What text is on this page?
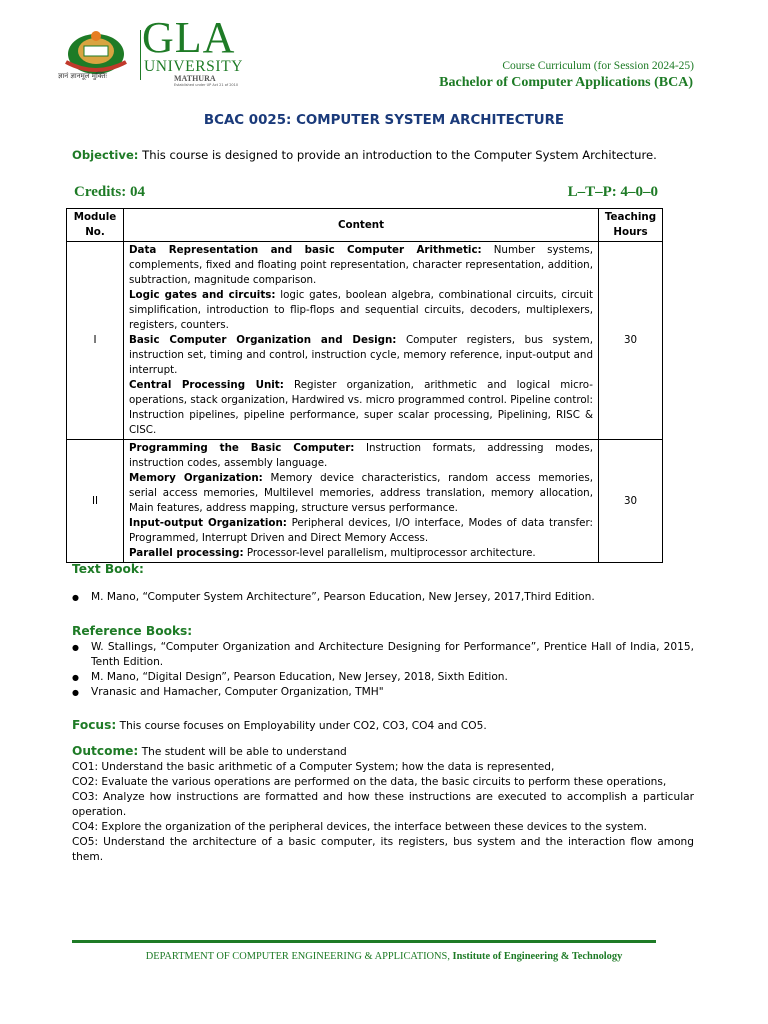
GLA
UNIVERSITY
MATHURA
Established under UP Act 21 of 2010
ज्ञानं ज्ञानमूलं मुक्तिः
Course Curriculum (for Session 2024-25)
Bachelor of Computer Applications (BCA)
BCAC 0025: COMPUTER SYSTEM ARCHITECTURE
Objective: This course is designed to provide an introduction to the Computer System Architecture.
Credits: 04	L–T–P: 4–0–0
Module No.	Content	Teaching Hours
I	Data Representation and basic Computer Arithmetic: Number systems, complements, fixed and floating point representation, character representation, addition, subtraction, magnitude comparison.

Logic gates and circuits: logic gates, boolean algebra, combinational circuits, circuit simplification, introduction to flip-flops and sequential circuits, decoders, multiplexers, registers, counters.

Basic Computer Organization and Design: Computer registers, bus system, instruction set, timing and control, instruction cycle, memory reference, input-output and interrupt.

Central Processing Unit: Register organization, arithmetic and logical micro-operations, stack organization, Hardwired vs. micro programmed control. Pipeline control: Instruction pipelines, pipeline performance, super scalar processing, Pipelining, RISC & CISC.	30
II	Programming the Basic Computer: Instruction formats, addressing modes, instruction codes, assembly language.

Memory Organization: Memory device characteristics, random access memories, serial access memories, Multilevel memories, address translation, memory allocation, Main features, address mapping, structure versus performance.

Input-output Organization: Peripheral devices, I/O interface, Modes of data transfer: Programmed, Interrupt Driven and Direct Memory Access.

Parallel processing: Processor-level parallelism, multiprocessor architecture.	30
Text Book:
● M. Mano, “Computer System Architecture”, Pearson Education, New Jersey, 2017,Third Edition.
Reference Books:
● W. Stallings, “Computer Organization and Architecture Designing for Performance”, Prentice Hall of India, 2015, Tenth Edition.
● M. Mano, “Digital Design”, Pearson Education, New Jersey, 2018, Sixth Edition.
● Vranasic and Hamacher, Computer Organization, TMH"
Focus: This course focuses on Employability under CO2, CO3, CO4 and CO5.
Outcome: The student will be able to understand
CO1: Understand the basic arithmetic of a Computer System; how the data is represented,
CO2: Evaluate the various operations are performed on the data, the basic circuits to perform these operations,
CO3: Analyze how instructions are formatted and how these instructions are executed to accomplish a particular operation.
CO4: Explore the organization of the peripheral devices, the interface between these devices to the system.
CO5: Understand the architecture of a basic computer, its registers, bus system and the interaction flow among them.
DEPARTMENT OF COMPUTER ENGINEERING & APPLICATIONS, Institute of Engineering & Technology
